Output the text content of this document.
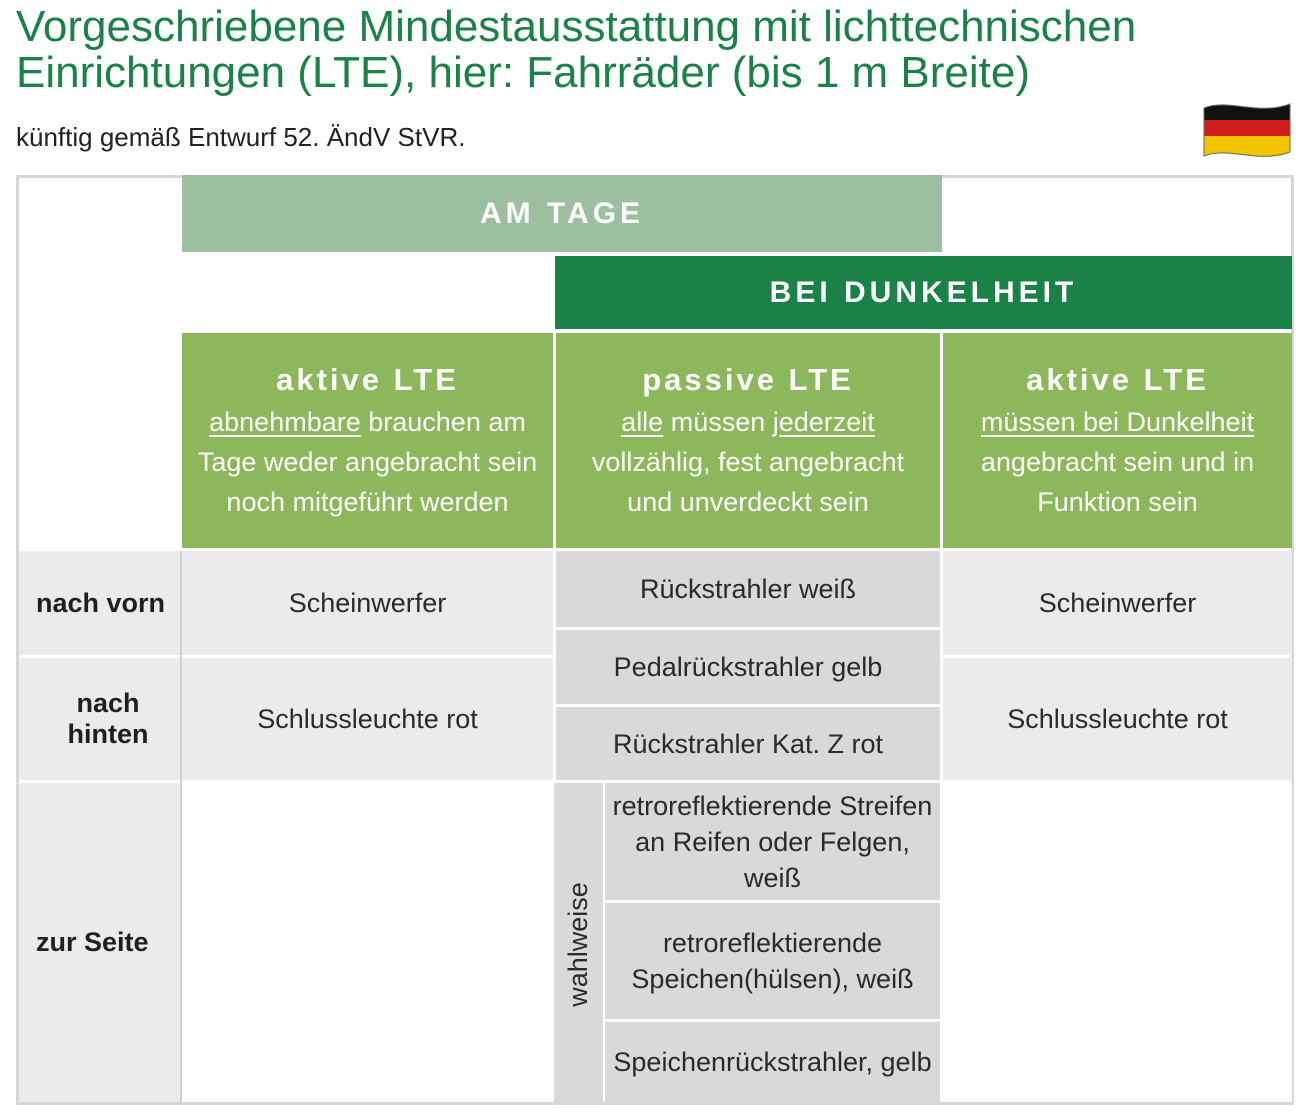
Vorgeschriebene Mindestausstattung mit lichttechnischen
Einrichtungen (LTE), hier: Fahrräder (bis 1 m Breite)
künftig gemäß Entwurf 52. ÄndV StVR.
AM TAGE
BEI DUNKELHEIT
aktive LTE
abnehmbare brauchen am
Tage weder angebracht sein
noch mitgeführt werden
passive LTE
alle müssen jederzeit
vollzählig, fest angebracht
und unverdeckt sein
aktive LTE
müssen bei Dunkelheit
angebracht sein und in
Funktion sein
nach vorn
nach hinten
zur Seite
Scheinwerfer
Schlussleuchte rot
Rückstrahler weiß
Pedalrückstrahler gelb
Rückstrahler Kat. Z rot
wahlweise
retroreflektierende Streifen
an Reifen oder Felgen, weiß
retroreflektierende
Speichen(hülsen), weiß
Speichenrückstrahler, gelb
Scheinwerfer
Schlussleuchte rot
